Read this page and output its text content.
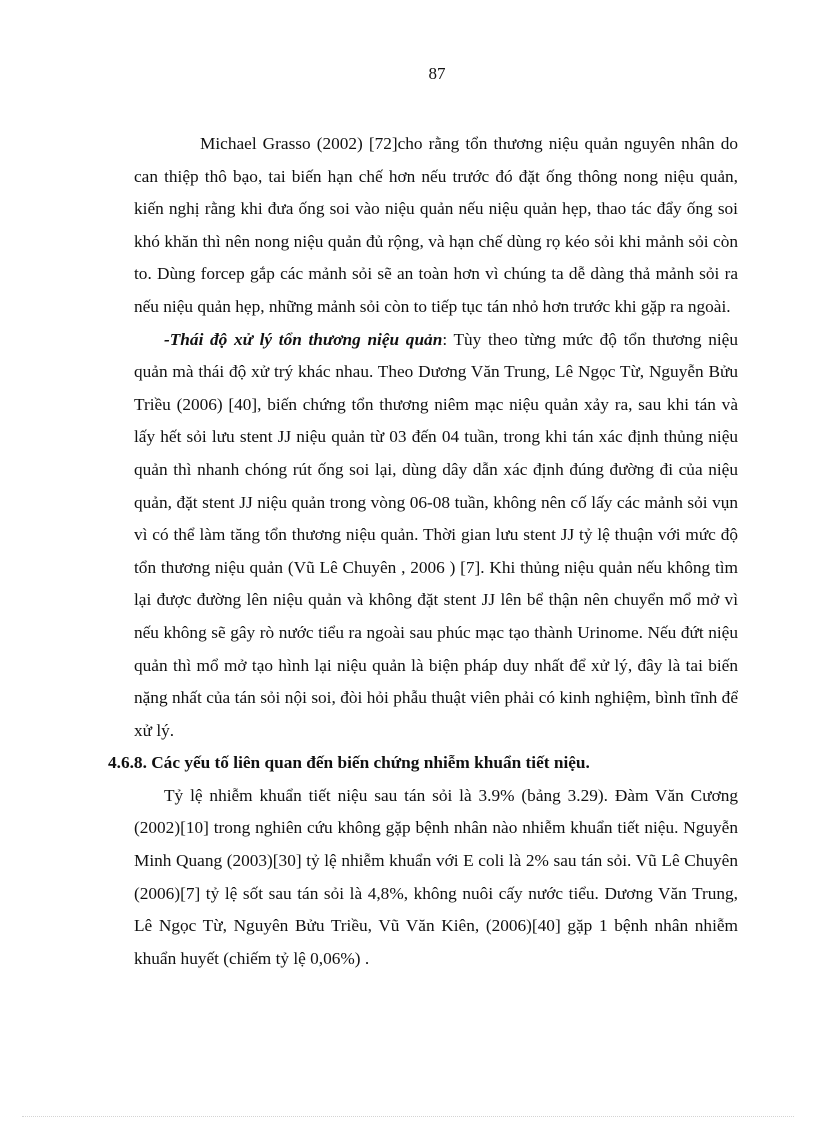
87

Michael Grasso (2002) [72]cho rằng tổn thương niệu quản nguyên nhân do can thiệp thô bạo, tai biến hạn chế hơn nếu trước đó đặt ống thông nong niệu quản, kiến nghị rằng khi đưa ống soi vào niệu quản nếu niệu quản hẹp, thao tác đẩy ống soi khó khăn thì nên nong niệu quản đủ rộng, và hạn chế dùng rọ kéo sỏi khi mảnh sỏi còn to. Dùng forcep gắp các mảnh sỏi sẽ an toàn hơn vì chúng ta dễ dàng thả mảnh sỏi ra nếu niệu quản hẹp, những mảnh sỏi còn to tiếp tục tán nhỏ hơn trước khi gặp ra ngoài.

-Thái độ xử lý tổn thương niệu quản: Tùy theo từng mức độ tổn thương niệu quản mà thái độ xử trý khác nhau. Theo Dương Văn Trung, Lê Ngọc Từ, Nguyễn Bửu Triều (2006) [40], biến chứng tổn thương niêm mạc niệu quản xảy ra, sau khi tán và lấy hết sỏi lưu stent JJ niệu quản từ 03 đến 04 tuần, trong khi tán xác định thủng niệu quản thì nhanh chóng rút ống soi lại, dùng dây dẫn xác định đúng đường đi của niệu quản, đặt stent JJ niệu quản trong vòng 06-08 tuần, không nên cố lấy các mảnh sỏi vụn vì có thể làm tăng tổn thương niệu quản. Thời gian lưu stent JJ tỷ lệ thuận với mức độ tổn thương niệu quản (Vũ Lê Chuyên , 2006 ) [7]. Khi thủng niệu quản nếu không tìm lại được đường lên niệu quản và không đặt stent JJ lên bể thận nên chuyển mổ mở vì nếu không sẽ gây rò nước tiểu ra ngoài sau phúc mạc tạo thành Urinome. Nếu đứt niệu quản thì mổ mở tạo hình lại niệu quản là biện pháp duy nhất để xử lý, đây là tai biến nặng nhất của tán sỏi nội soi, đòi hỏi phẫu thuật viên phải có kinh nghiệm, bình tĩnh để xử lý.

4.6.8. Các yếu tố liên quan đến biến chứng nhiễm khuẩn tiết niệu.

Tỷ lệ nhiễm khuẩn tiết niệu sau tán sỏi là 3.9% (bảng 3.29). Đàm Văn Cương (2002)[10] trong nghiên cứu không gặp bệnh nhân nào nhiễm khuẩn tiết niệu. Nguyễn Minh Quang (2003)[30] tỷ lệ nhiễm khuẩn với E coli là 2% sau tán sỏi. Vũ Lê Chuyên (2006)[7] tỷ lệ sốt sau tán sỏi là 4,8%, không nuôi cấy nước tiểu. Dương Văn Trung, Lê Ngọc Từ, Nguyên Bửu Triều, Vũ Văn Kiên, (2006)[40] gặp 1 bệnh nhân nhiễm khuẩn huyết (chiếm tỷ lệ 0,06%) .
